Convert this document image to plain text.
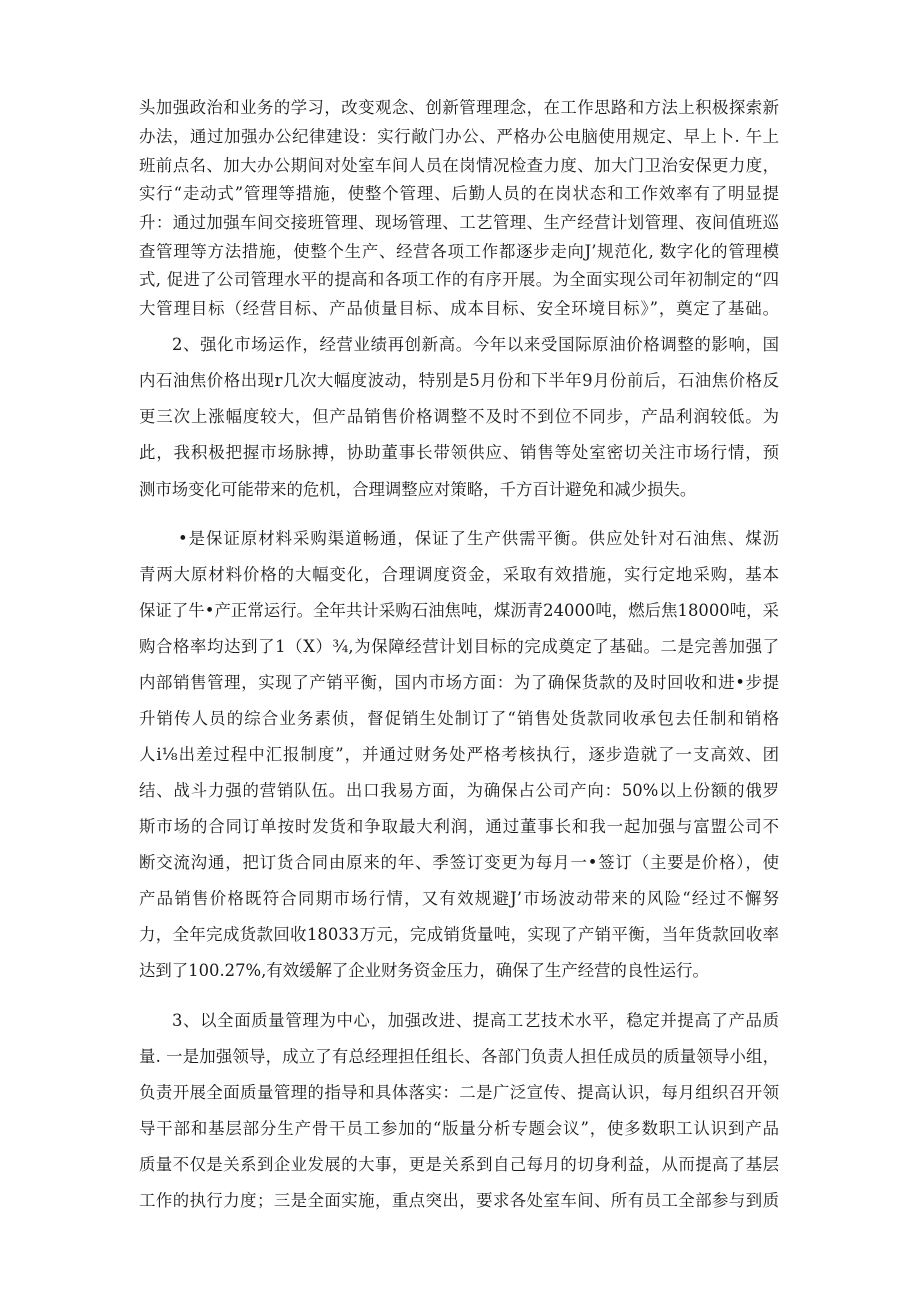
头加强政治和业务的学习，改变观念、创新管理理念，在工作思路和方法上积极探索新

办法，通过加强办公纪律建设：实行敞门办公、严格办公电脑使用规定、早上卜. 午上

班前点名、加大办公期间对处室车间人员在岗情况检查力度、加大门卫治安保更力度，

实行“走动式”管理等措施，使整个管理、后勤人员的在岗状态和工作效率有了明显提

升：通过加强车间交接班管理、现场管理、工艺管理、生产经营计划管理、夜间值班巡

查管理等方法措施，使整个生产、经营各项工作都逐步走向J’规范化, 数字化的管理模

式, 促进了公司管理水平的提高和各项工作的有序开展。为全面实现公司年初制定的“四

大管理目标（经营目标、产品侦量目标、成本目标、安全环境目标》”，奠定了基础。

2、强化市场运作，经营业绩再创新高。今年以来受国际原油价格调整的影响，国

内石油焦价格出现r几次大幅度波动，特别是5月份和下半年9月份前后，石油焦价格反

更三次上涨幅度较大，但产品销售价格调整不及时不到位不同步，产品利润较低。为

此，我积极把握市场脉搏，协助董事长带领供应、销售等处室密切关注市场行情，预

测市场变化可能带来的危机，合理调整应对策略，千方百计避免和减少损失。

•是保证原材料采购渠道畅通，保证了生产供需平衡。供应处针对石油焦、煤沥

青两大原材料价格的大幅变化，合理调度资金，采取有效措施，实行定地采购，基本

保证了牛•产正常运行。全年共计采购石油焦吨，煤沥青24000吨，燃后焦18000吨，采

购合格率均达到了1（X）¾,为保障经营计划目标的完成奠定了基础。二是完善加强了

内部销售管理，实现了产销平衡，国内市场方面：为了确保货款的及时回收和进•步提

升销传人员的综合业务素侦，督促销生处制订了“销售处货款同收承包去任制和销格

人i⅛出差过程中汇报制度”，并通过财务处严格考核执行，逐步造就了一支高效、团

结、战斗力强的营销队伍。出口我易方面，为确保占公司产向：50%以上份额的俄罗

斯市场的合同订单按时发货和争取最大利润，通过董事长和我一起加强与富盟公司不

断交流沟通，把订货合同由原来的年、季签订变更为每月一•签订（主要是价格），使

产品销售价格既符合同期市场行情，又有效规避J’市场波动带来的风险“经过不懈努

力，全年完成货款回收18033万元，完成销货量吨，实现了产销平衡，当年货款回收率

达到了100.27%,有效缓解了企业财务资金压力，确保了生产经营的良性运行。

3、以全面质量管理为中心，加强改进、提高工艺技术水平，稳定并提高了产品质

量. 一是加强领导，成立了有总经理担任组长、各部门负责人担任成员的质量领导小组，

负责开展全面质量管理的指导和具体落实：二是广泛宣传、提高认识，每月组织召开领

导干部和基层部分生产骨干员工参加的“版量分析专题会议”，使多数职工认识到产品

质量不仅是关系到企业发展的大事，更是关系到自己每月的切身利益，从而提高了基层

工作的执行力度；三是全面实施，重点突出，要求各处室车间、所有员工全部参与到质
